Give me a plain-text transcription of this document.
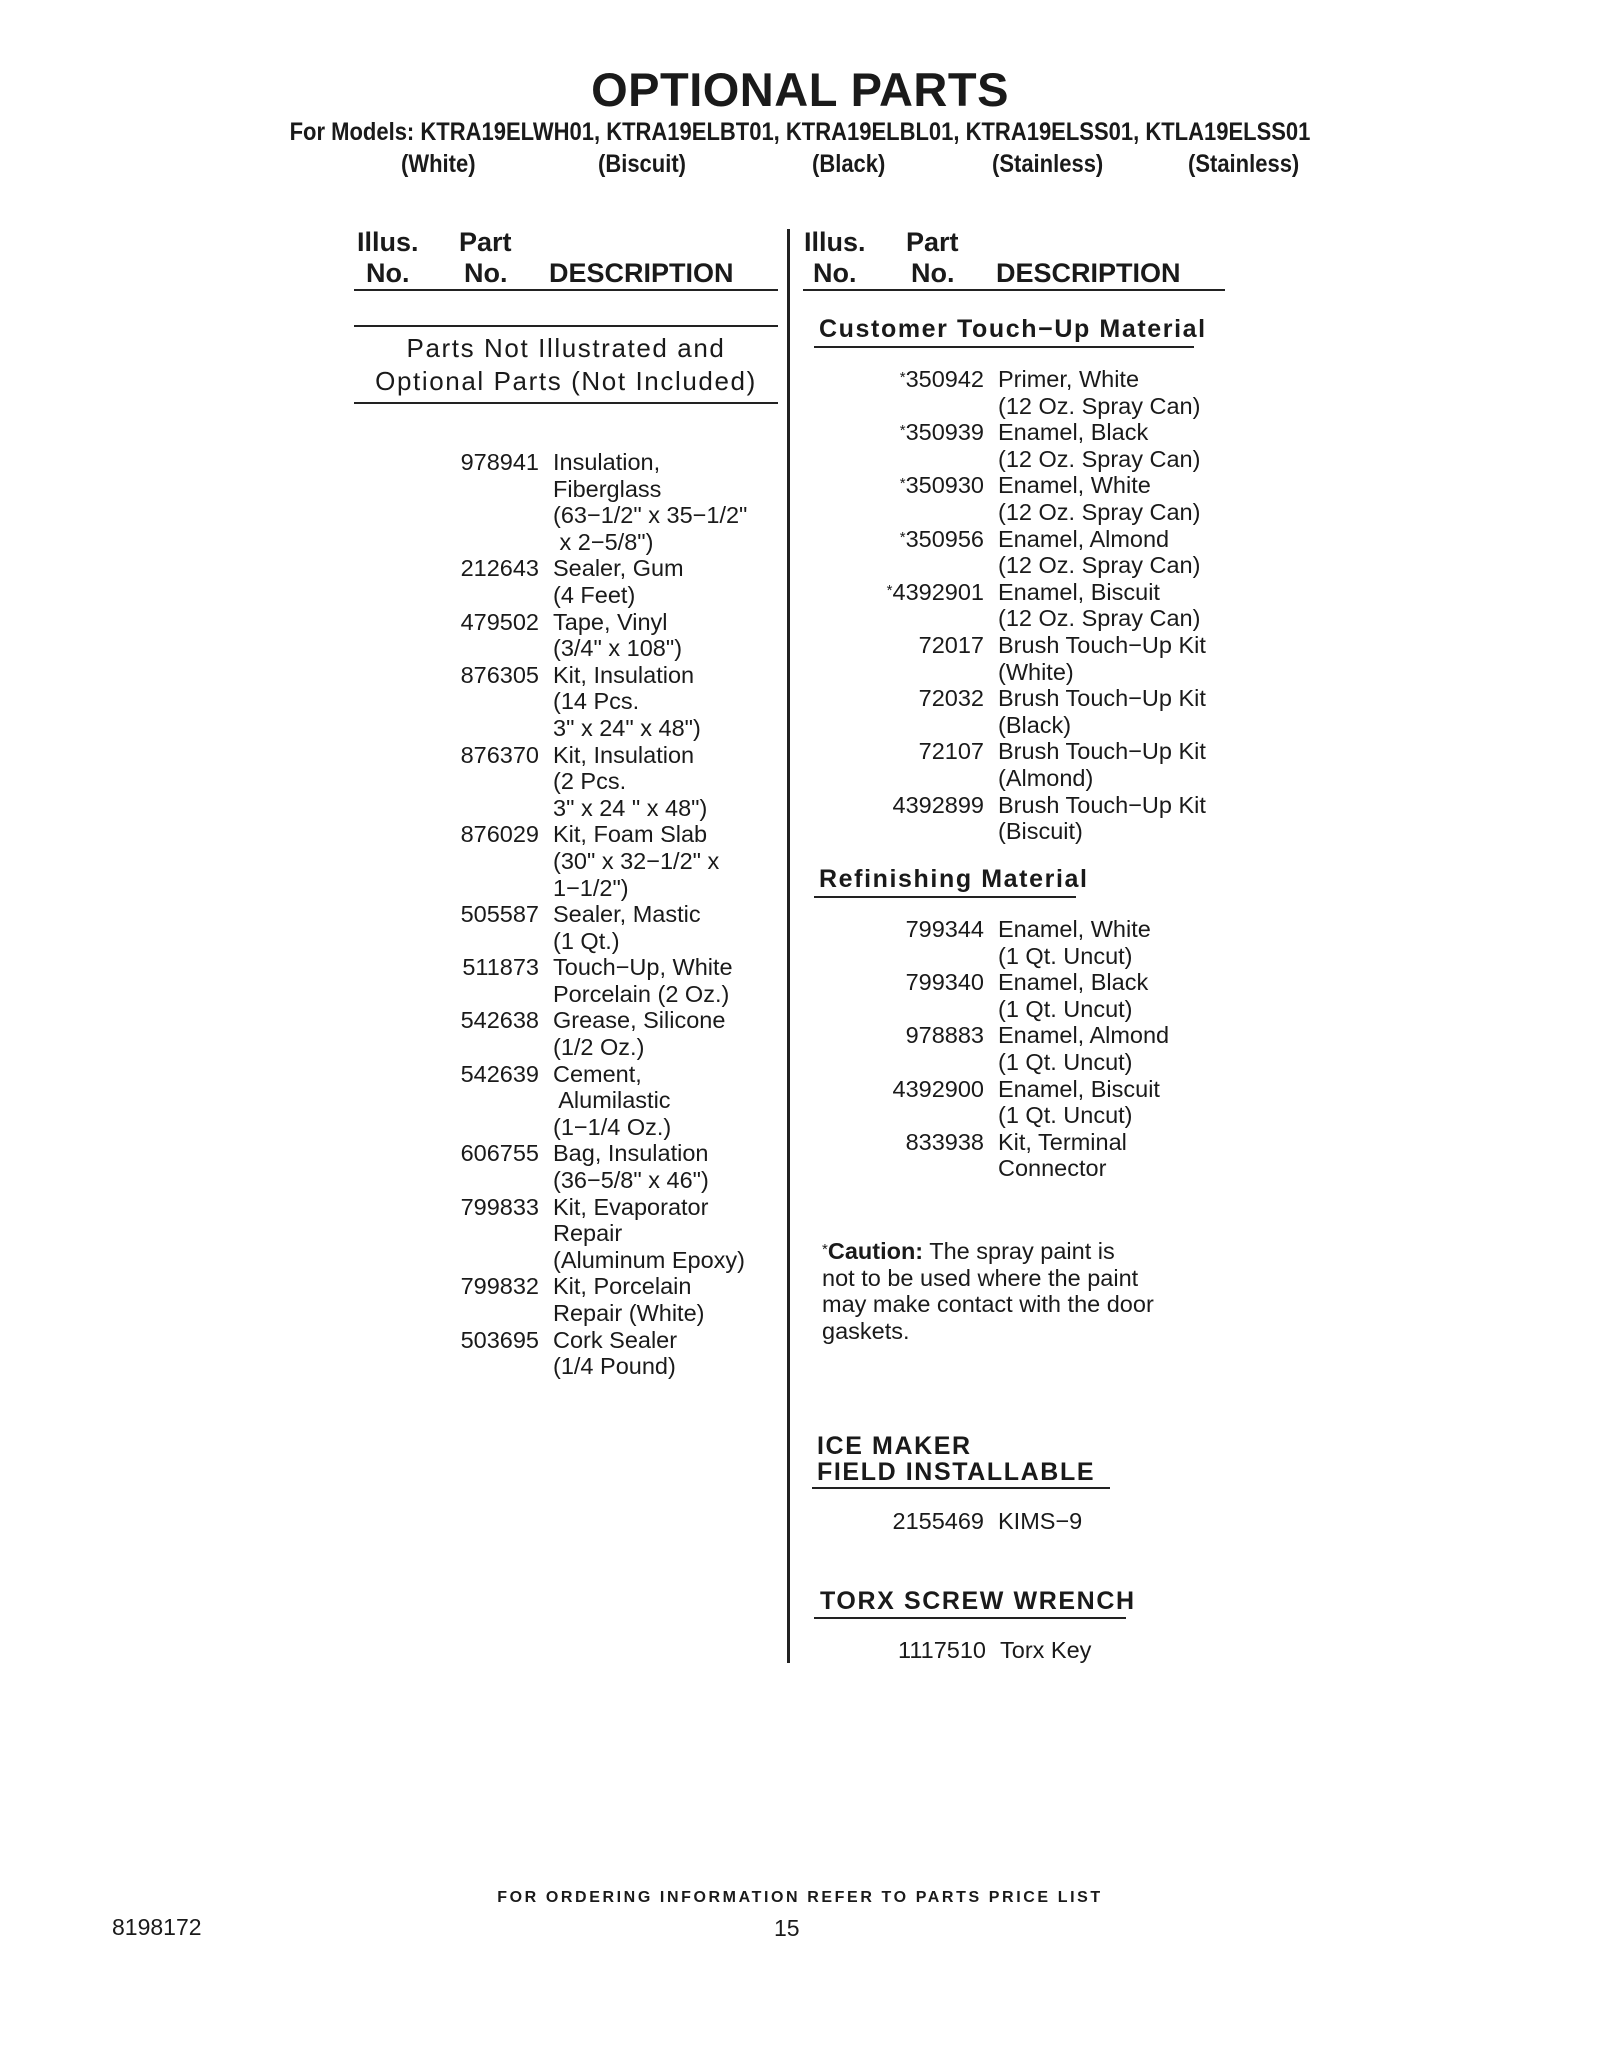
OPTIONAL PARTS
For Models: KTRA19ELWH01, KTRA19ELBT01, KTRA19ELBL01, KTRA19ELSS01, KTLA19ELSS01
(White)	(Biscuit)	(Black)	(Stainless)	(Stainless)
Illus.
No.
Part
No. DESCRIPTION
Illus.
No.
Part
No. DESCRIPTION
Parts Not Illustrated and
Optional Parts (Not Included)
978941 Insulation,
Fiberglass
(63−1/2" x 35−1/2"
x 2−5/8")
212643 Sealer, Gum
(4 Feet)
479502 Tape, Vinyl
(3/4" x 108")
876305 Kit, Insulation
(14 Pcs.
3" x 24" x 48")
876370 Kit, Insulation
(2 Pcs.
3" x 24 " x 48")
876029 Kit, Foam Slab
(30" x 32−1/2" x
1−1/2")
505587 Sealer, Mastic
(1 Qt.)
511873 Touch−Up, White
Porcelain (2 Oz.)
542638 Grease, Silicone
(1/2 Oz.)
542639 Cement,
Alumilastic
(1−1/4 Oz.)
606755 Bag, Insulation
(36−5/8" x 46")
799833 Kit, Evaporator
Repair
(Aluminum Epoxy)
799832 Kit, Porcelain
Repair (White)
503695 Cork Sealer
(1/4 Pound)
Customer Touch−Up Material
*350942 Primer, White
(12 Oz. Spray Can)
*350939 Enamel, Black
(12 Oz. Spray Can)
*350930 Enamel, White
(12 Oz. Spray Can)
*350956 Enamel, Almond
(12 Oz. Spray Can)
*4392901 Enamel, Biscuit
(12 Oz. Spray Can)
72017 Brush Touch−Up Kit
(White)
72032 Brush Touch−Up Kit
(Black)
72107 Brush Touch−Up Kit
(Almond)
4392899 Brush Touch−Up Kit
(Biscuit)
Refinishing Material
799344 Enamel, White
(1 Qt. Uncut)
799340 Enamel, Black
(1 Qt. Uncut)
978883 Enamel, Almond
(1 Qt. Uncut)
4392900 Enamel, Biscuit
(1 Qt. Uncut)
833938 Kit, Terminal
Connector
*Caution: The spray paint is
not to be used where the paint
may make contact with the door
gaskets.
ICE MAKER
FIELD INSTALLABLE
2155469 KIMS−9
TORX SCREW WRENCH
1117510 Torx Key
FOR ORDERING INFORMATION REFER TO PARTS PRICE LIST
8198172	15
